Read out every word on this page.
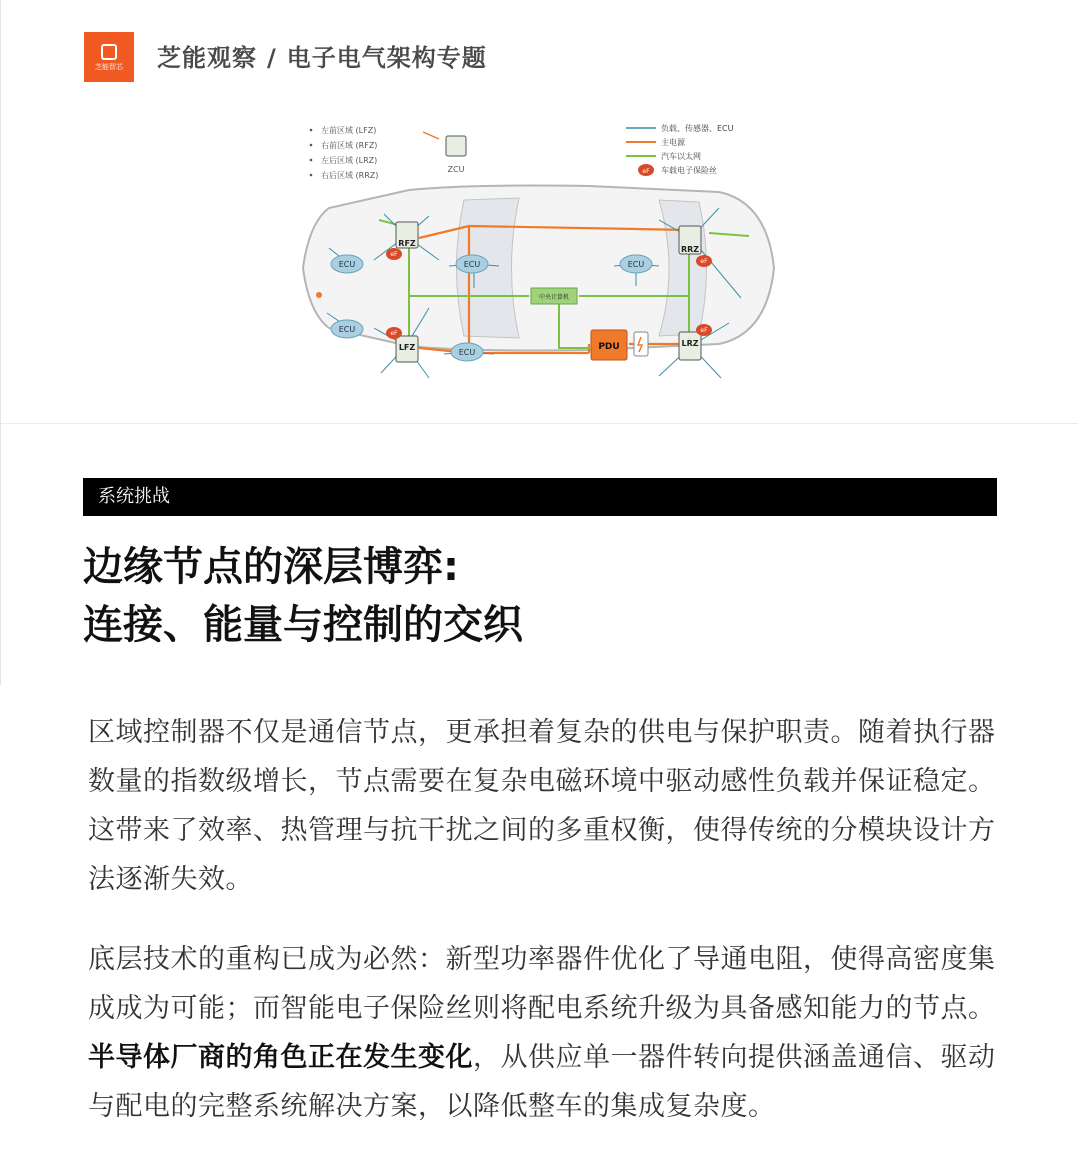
芝能智芯 芝能观察 / 电子电气架构专题
左前区域 (LFZ)
右前区域 (RFZ)
左后区域 (LRZ)
右后区域 (RRZ)
ZCU
负载、传感器、ECU
主电源
汽车以太网
eF 车载电子保险丝
ECU
ECU
ECU
ECU
ECU
RFZ
LFZ
RRZ
LRZ
eF
eF
eF
eF
中央计算机
PDU
系统挑战
边缘节点的深层博弈:
连接、能量与控制的交织
区域控制器不仅是通信节点，更承担着复杂的供电与保护职责。随着执行器数量的指数级增长，节点需要在复杂电磁环境中驱动感性负载并保证稳定。这带来了效率、热管理与抗干扰之间的多重权衡，使得传统的分模块设计方法逐渐失效。
底层技术的重构已成为必然：新型功率器件优化了导通电阻，使得高密度集成成为可能；而智能电子保险丝则将配电系统升级为具备感知能力的节点。半导体厂商的角色正在发生变化，从供应单一器件转向提供涵盖通信、驱动与配电的完整系统解决方案，以降低整车的集成复杂度。
